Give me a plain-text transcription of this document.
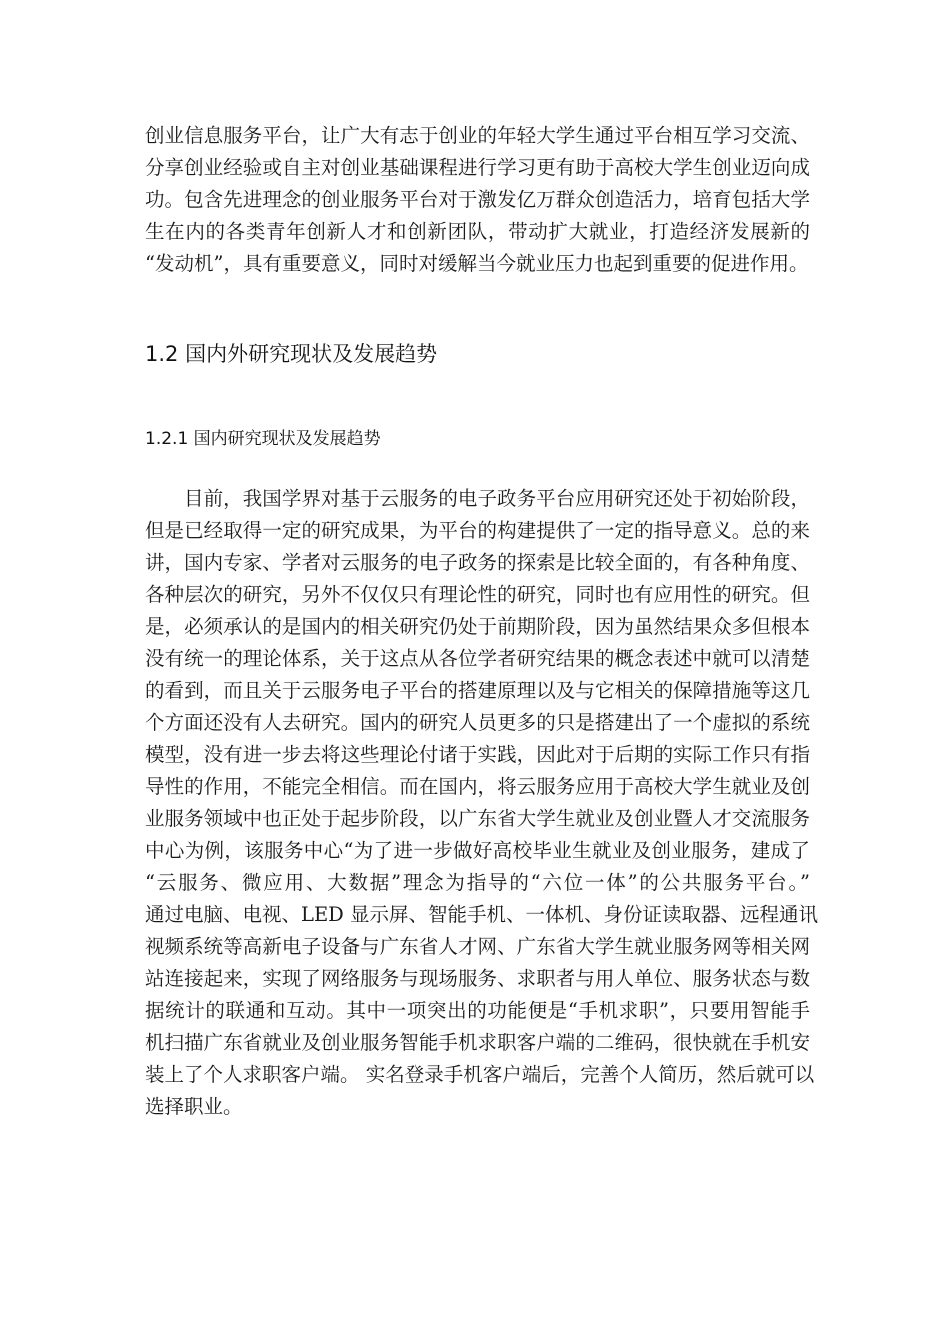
创业信息服务平台，让广大有志于创业的年轻大学生通过平台相互学习交流、
分享创业经验或自主对创业基础课程进行学习更有助于高校大学生创业迈向成
功。包含先进理念的创业服务平台对于激发亿万群众创造活力，培育包括大学
生在内的各类青年创新人才和创新团队，带动扩大就业，打造经济发展新的
“发动机”，具有重要意义，同时对缓解当今就业压力也起到重要的促进作用。
1.2 国内外研究现状及发展趋势
1.2.1 国内研究现状及发展趋势
目前，我国学界对基于云服务的电子政务平台应用研究还处于初始阶段，
但是已经取得一定的研究成果，为平台的构建提供了一定的指导意义。总的来
讲，国内专家、学者对云服务的电子政务的探索是比较全面的，有各种角度、
各种层次的研究，另外不仅仅只有理论性的研究，同时也有应用性的研究。但
是，必须承认的是国内的相关研究仍处于前期阶段，因为虽然结果众多但根本
没有统一的理论体系，关于这点从各位学者研究结果的概念表述中就可以清楚
的看到，而且关于云服务电子平台的搭建原理以及与它相关的保障措施等这几
个方面还没有人去研究。国内的研究人员更多的只是搭建出了一个虚拟的系统
模型，没有进一步去将这些理论付诸于实践，因此对于后期的实际工作只有指
导性的作用，不能完全相信。而在国内，将云服务应用于高校大学生就业及创
业服务领域中也正处于起步阶段，以广东省大学生就业及创业暨人才交流服务
中心为例，该服务中心“为了进一步做好高校毕业生就业及创业服务，建成了
“云服务、微应用、大数据”理念为指导的“六位一体”的公共服务平台。”
通过电脑、电视、LED 显示屏、智能手机、一体机、身份证读取器、远程通讯
视频系统等高新电子设备与广东省人才网、广东省大学生就业服务网等相关网
站连接起来，实现了网络服务与现场服务、求职者与用人单位、服务状态与数
据统计的联通和互动。其中一项突出的功能便是“手机求职”，只要用智能手
机扫描广东省就业及创业服务智能手机求职客户端的二维码，很快就在手机安
装上了个人求职客户端。 实名登录手机客户端后，完善个人简历，然后就可以
选择职业。
